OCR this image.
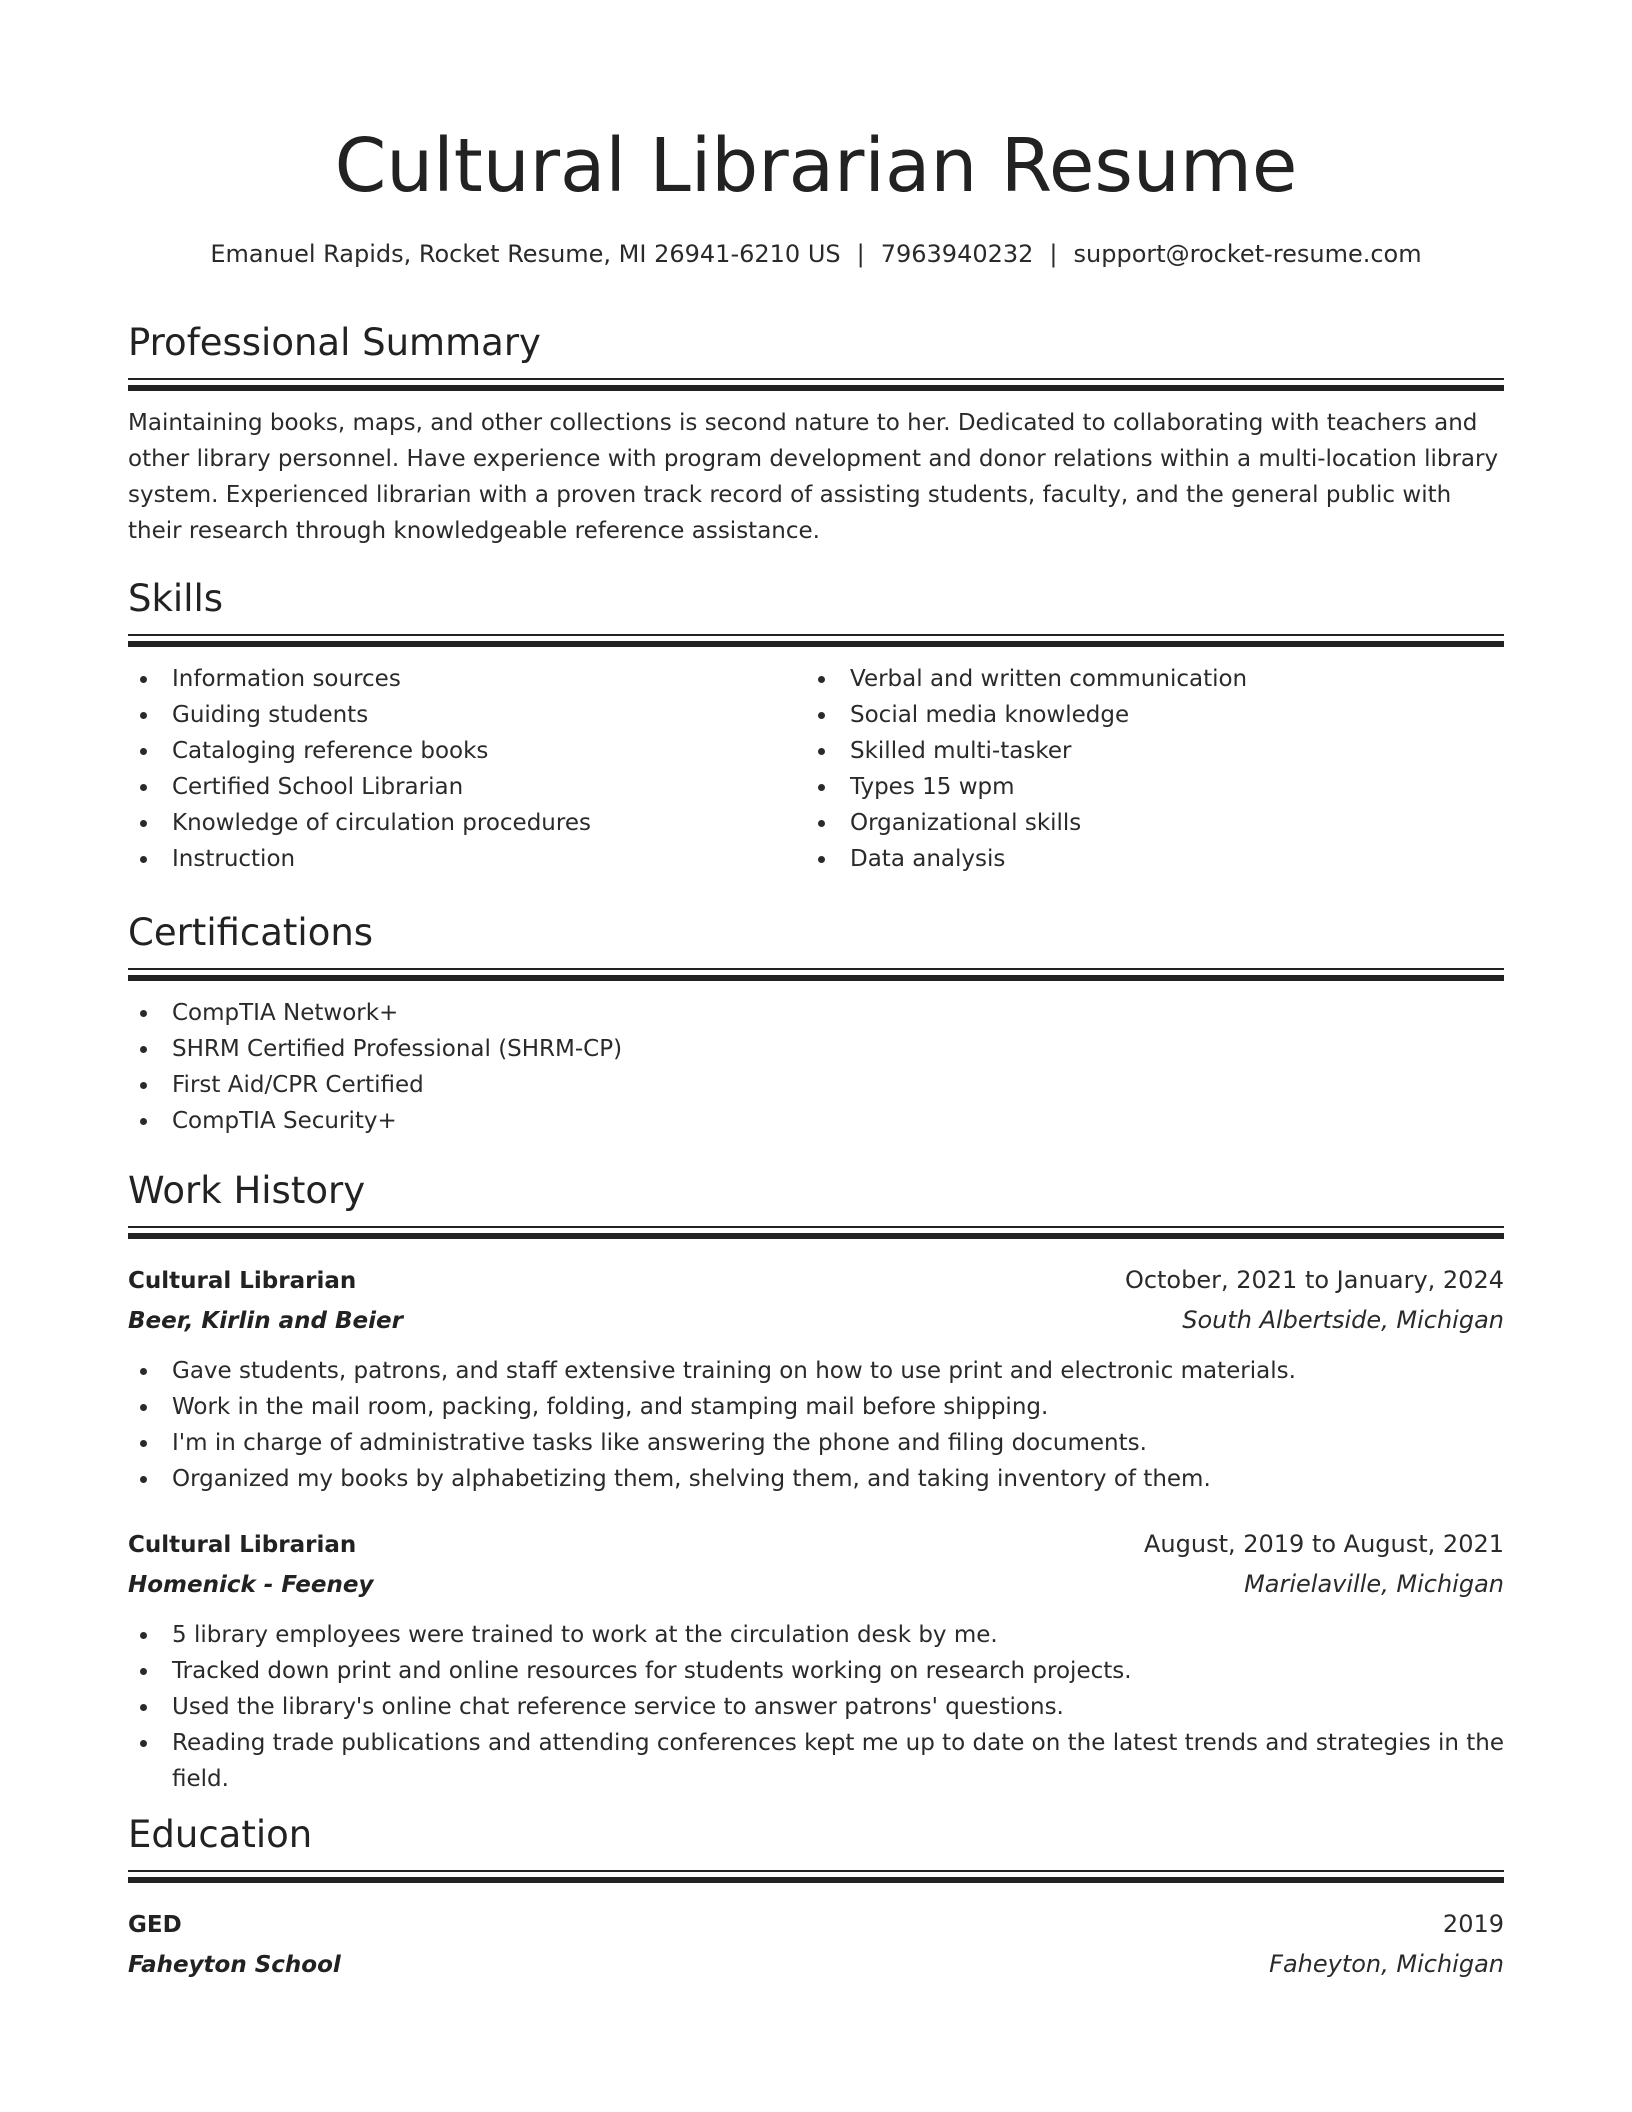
Cultural Librarian Resume
Emanuel Rapids, Rocket Resume, MI 26941-6210 US | 7963940232 | support@rocket-resume.com
Professional Summary
Maintaining books, maps, and other collections is second nature to her. Dedicated to collaborating with teachers and other library personnel. Have experience with program development and donor relations within a multi-location library system. Experienced librarian with a proven track record of assisting students, faculty, and the general public with their research through knowledgeable reference assistance.
Skills
Information sources
Guiding students
Cataloging reference books
Certified School Librarian
Knowledge of circulation procedures
Instruction
Verbal and written communication
Social media knowledge
Skilled multi-tasker
Types 15 wpm
Organizational skills
Data analysis
Certifications
CompTIA Network+
SHRM Certified Professional (SHRM-CP)
First Aid/CPR Certified
CompTIA Security+
Work History
Cultural Librarian	October, 2021 to January, 2024
Beer, Kirlin and Beier	South Albertside, Michigan
Gave students, patrons, and staff extensive training on how to use print and electronic materials.
Work in the mail room, packing, folding, and stamping mail before shipping.
I'm in charge of administrative tasks like answering the phone and filing documents.
Organized my books by alphabetizing them, shelving them, and taking inventory of them.
Cultural Librarian	August, 2019 to August, 2021
Homenick - Feeney	Marielaville, Michigan
5 library employees were trained to work at the circulation desk by me.
Tracked down print and online resources for students working on research projects.
Used the library's online chat reference service to answer patrons' questions.
Reading trade publications and attending conferences kept me up to date on the latest trends and strategies in the field.
Education
GED	2019
Faheyton School	Faheyton, Michigan
